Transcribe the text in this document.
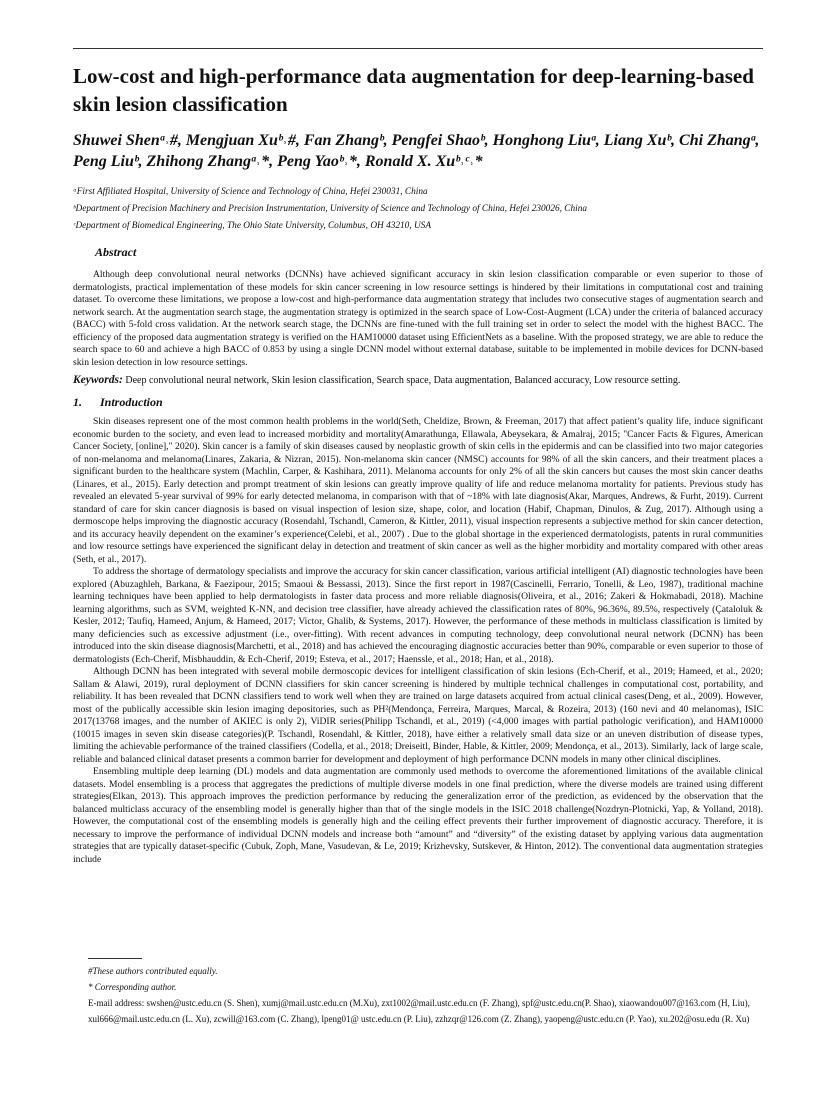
Low-cost and high-performance data augmentation for deep-learning-based skin lesion classification
Shuwei Shenᵃ˒#, Mengjuan Xuᵇ˒#, Fan Zhangᵇ, Pengfei Shaoᵇ, Honghong Liuᵃ, Liang Xuᵇ, Chi Zhangᵃ, Peng Liuᵇ, Zhihong Zhangᵃ˒*, Peng Yaoᵇ˒*, Ronald X. Xuᵇ˒ᶜ˒*
ᵃFirst Affiliated Hospital, University of Science and Technology of China, Hefei 230031, China
ᵇDepartment of Precision Machinery and Precision Instrumentation, University of Science and Technology of China, Hefei 230026, China
ᶜDepartment of Biomedical Engineering, The Ohio State University, Columbus, OH 43210, USA
Abstract

Although deep convolutional neural networks (DCNNs) have achieved significant accuracy in skin lesion classification comparable or even superior to those of dermatologists, practical implementation of these models for skin cancer screening in low resource settings is hindered by their limitations in computational cost and training dataset. To overcome these limitations, we propose a low-cost and high-performance data augmentation strategy that includes two consecutive stages of augmentation search and network search. At the augmentation search stage, the augmentation strategy is optimized in the search space of Low-Cost-Augment (LCA) under the criteria of balanced accuracy (BACC) with 5-fold cross validation. At the network search stage, the DCNNs are fine-tuned with the full training set in order to select the model with the highest BACC. The efficiency of the proposed data augmentation strategy is verified on the HAM10000 dataset using EfficientNets as a baseline. With the proposed strategy, we are able to reduce the search space to 60 and achieve a high BACC of 0.853 by using a single DCNN model without external database, suitable to be implemented in mobile devices for DCNN-based skin lesion detection in low resource settings.

Keywords: Deep convolutional neural network, Skin lesion classification, Search space, Data augmentation, Balanced accuracy, Low resource setting.
1. Introduction

Skin diseases represent one of the most common health problems in the world(Seth, Cheldize, Brown, & Freeman, 2017) that affect patient’s quality life, induce significant economic burden to the society, and even lead to increased morbidity and mortality(Amarathunga, Ellawala, Abeysekara, & Amalraj, 2015; "Cancer Facts & Figures, American Cancer Society, [online]," 2020). Skin cancer is a family of skin diseases caused by neoplastic growth of skin cells in the epidermis and can be classified into two major categories of non-melanoma and melanoma(Linares, Zakaria, & Nizran, 2015). Non-melanoma skin cancer (NMSC) accounts for 98% of all the skin cancers, and their treatment places a significant burden to the healthcare system (Machlin, Carper, & Kashihara, 2011). Melanoma accounts for only 2% of all the skin cancers but causes the most skin cancer deaths (Linares, et al., 2015). Early detection and prompt treatment of skin lesions can greatly improve quality of life and reduce melanoma mortality for patients. Previous study has revealed an elevated 5-year survival of 99% for early detected melanoma, in comparison with that of ~18% with late diagnosis(Akar, Marques, Andrews, & Furht, 2019). Current standard of care for skin cancer diagnosis is based on visual inspection of lesion size, shape, color, and location (Habif, Chapman, Dinulos, & Zug, 2017). Although using a dermoscope helps improving the diagnostic accuracy (Rosendahl, Tschandl, Cameron, & Kittler, 2011), visual inspection represents a subjective method for skin cancer detection, and its accuracy heavily dependent on the examiner’s experience(Celebi, et al., 2007) . Due to the global shortage in the experienced dermatologists, patents in rural communities and low resource settings have experienced the significant delay in detection and treatment of skin cancer as well as the higher morbidity and mortality compared with other areas (Seth, et al., 2017).

To address the shortage of dermatology specialists and improve the accuracy for skin cancer classification, various artificial intelligent (AI) diagnostic technologies have been explored (Abuzaghleh, Barkana, & Faezipour, 2015; Smaoui & Bessassi, 2013). Since the first report in 1987(Cascinelli, Ferrario, Tonelli, & Leo, 1987), traditional machine learning techniques have been applied to help dermatologists in faster data process and more reliable diagnosis(Oliveira, et al., 2016; Zakeri & Hokmabadi, 2018). Machine learning algorithms, such as SVM, weighted K-NN, and decision tree classifier, have already achieved the classification rates of 80%, 96.36%, 89.5%, respectively (Çataloluk & Kesler, 2012; Taufiq, Hameed, Anjum, & Hameed, 2017; Victor, Ghalib, & Systems, 2017). However, the performance of these methods in multiclass classification is limited by many deficiencies such as excessive adjustment (i.e., over-fitting). With recent advances in computing technology, deep convolutional neural network (DCNN) has been introduced into the skin disease diagnosis(Marchetti, et al., 2018) and has achieved the encouraging diagnostic accuracies better than 90%, comparable or even superior to those of dermatologists (Ech-Cherif, Misbhauddin, & Ech-Cherif, 2019; Esteva, et al., 2017; Haenssle, et al., 2018; Han, et al., 2018).

Although DCNN has been integrated with several mobile dermoscopic devices for intelligent classification of skin lesions (Ech-Cherif, et al., 2019; Hameed, et al., 2020; Sallam & Alawi, 2019), rural deployment of DCNN classifiers for skin cancer screening is hindered by multiple technical challenges in computational cost, portability, and reliability. It has been revealed that DCNN classifiers tend to work well when they are trained on large datasets acquired from actual clinical cases(Deng, et al., 2009). However, most of the publically accessible skin lesion imaging depositories, such as PH²(Mendonça, Ferreira, Marques, Marcal, & Rozeira, 2013) (160 nevi and 40 melanomas), ISIC 2017(13768 images, and the number of AKIEC is only 2), ViDIR series(Philipp Tschandl, et al., 2019) (<4,000 images with partial pathologic verification), and HAM10000 (10015 images in seven skin disease categories)(P. Tschandl, Rosendahl, & Kittler, 2018), have either a relatively small data size or an uneven distribution of disease types, limiting the achievable performance of the trained classifiers (Codella, et al., 2018; Dreiseitl, Binder, Hable, & Kittler, 2009; Mendonça, et al., 2013). Similarly, lack of large scale, reliable and balanced clinical dataset presents a common barrier for development and deployment of high performance DCNN models in many other clinical disciplines.

Ensembling multiple deep learning (DL) models and data augmentation are commonly used methods to overcome the aforementioned limitations of the available clinical datasets. Model ensembling is a process that aggregates the predictions of multiple diverse models in one final prediction, where the diverse models are trained using different strategies(Elkan, 2013). This approach improves the prediction performance by reducing the generalization error of the prediction, as evidenced by the observation that the balanced multiclass accuracy of the ensembling model is generally higher than that of the single models in the ISIC 2018 challenge(Nozdryn-Plotnicki, Yap, & Yolland, 2018). However, the computational cost of the ensembling models is generally high and the ceiling effect prevents their further improvement of diagnostic accuracy. Therefore, it is necessary to improve the performance of individual DCNN models and increase both “amount” and “diversity” of the existing dataset by applying various data augmentation strategies that are typically dataset-specific (Cubuk, Zoph, Mane, Vasudevan, & Le, 2019; Krizhevsky, Sutskever, & Hinton, 2012). The conventional data augmentation strategies include

#These authors contributed equally.
* Corresponding author.
E-mail address: swshen@ustc.edu.cn (S. Shen), xumj@mail.ustc.edu.cn (M.Xu), zxt1002@mail.ustc.edu.cn (F. Zhang), spf@ustc.edu.cn(P. Shao), xiaowandou007@163.com (H, Liu), xul666@mail.ustc.edu.cn (L. Xu), zcwill@163.com (C. Zhang), lpeng01@ ustc.edu.cn (P. Liu), zzhzqr@126.com (Z. Zhang), yaopeng@ustc.edu.cn (P. Yao), xu.202@osu.edu (R. Xu)
